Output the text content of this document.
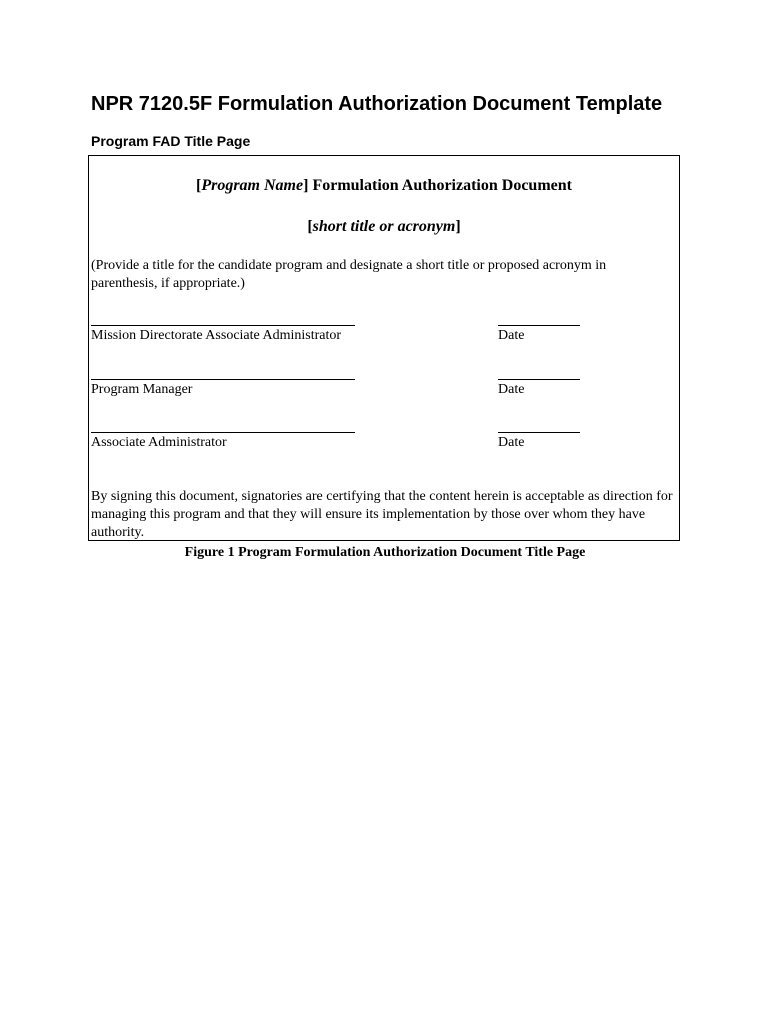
NPR 7120.5F Formulation Authorization Document Template
Program FAD Title Page
[Program Name] Formulation Authorization Document
[short title or acronym]
(Provide a title for the candidate program and designate a short title or proposed acronym in parenthesis, if appropriate.)
Mission Directorate Associate Administrator	Date
Program Manager	Date
Associate Administrator	Date
By signing this document, signatories are certifying that the content herein is acceptable as direction for managing this program and that they will ensure its implementation by those over whom they have authority.
Figure 1 Program Formulation Authorization Document Title Page
